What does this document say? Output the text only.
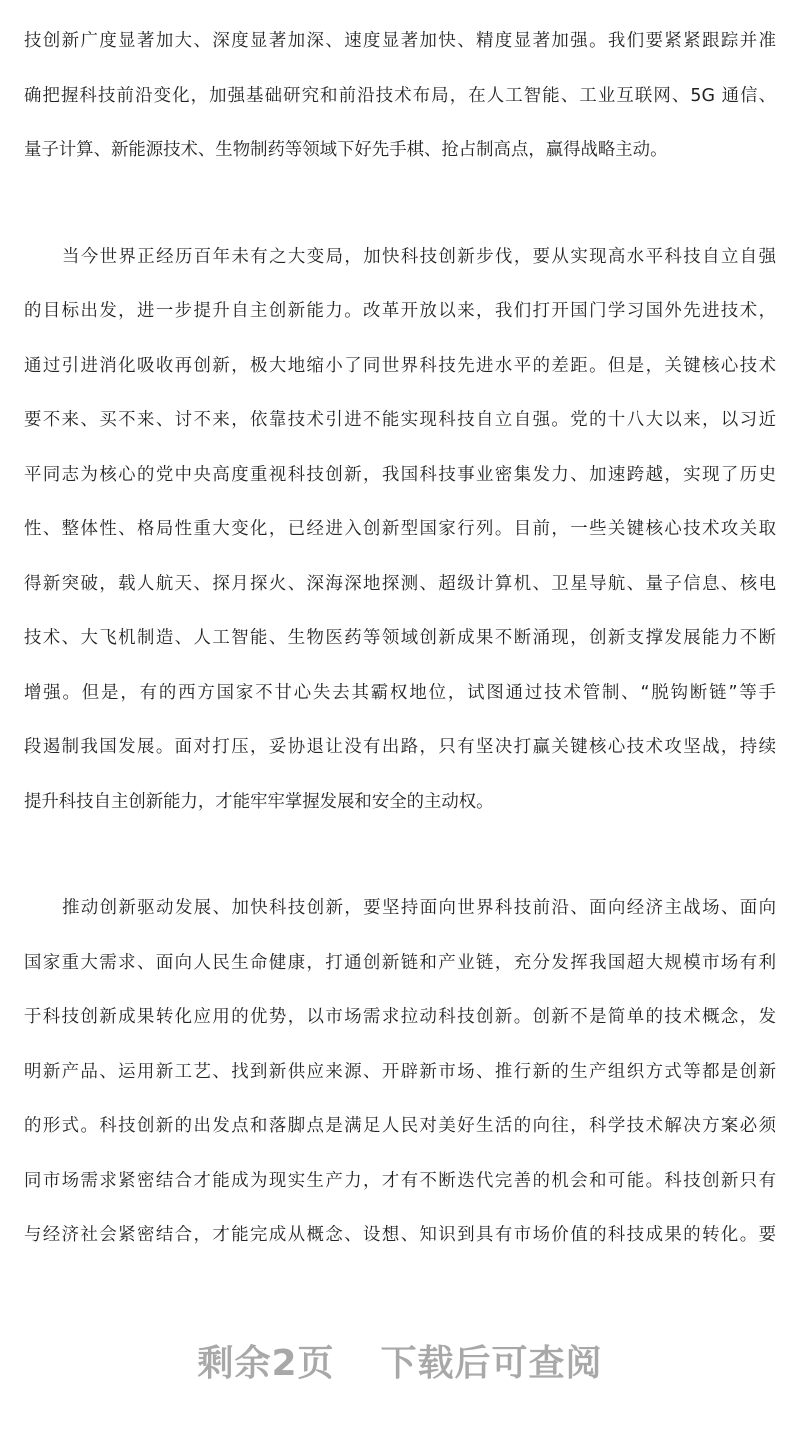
技创新广度显著加大、深度显著加深、速度显著加快、精度显著加强。我们要紧紧跟踪并准
确把握科技前沿变化，加强基础研究和前沿技术布局，在人工智能、工业互联网、5G 通信、
量子计算、新能源技术、生物制药等领域下好先手棋、抢占制高点，赢得战略主动。
当今世界正经历百年未有之大变局，加快科技创新步伐，要从实现高水平科技自立自强
的目标出发，进一步提升自主创新能力。改革开放以来，我们打开国门学习国外先进技术，
通过引进消化吸收再创新，极大地缩小了同世界科技先进水平的差距。但是，关键核心技术
要不来、买不来、讨不来，依靠技术引进不能实现科技自立自强。党的十八大以来，以习近
平同志为核心的党中央高度重视科技创新，我国科技事业密集发力、加速跨越，实现了历史
性、整体性、格局性重大变化，已经进入创新型国家行列。目前，一些关键核心技术攻关取
得新突破，载人航天、探月探火、深海深地探测、超级计算机、卫星导航、量子信息、核电
技术、大飞机制造、人工智能、生物医药等领域创新成果不断涌现，创新支撑发展能力不断
增强。但是，有的西方国家不甘心失去其霸权地位，试图通过技术管制、“脱钩断链”等手
段遏制我国发展。面对打压，妥协退让没有出路，只有坚决打赢关键核心技术攻坚战，持续
提升科技自主创新能力，才能牢牢掌握发展和安全的主动权。
推动创新驱动发展、加快科技创新，要坚持面向世界科技前沿、面向经济主战场、面向
国家重大需求、面向人民生命健康，打通创新链和产业链，充分发挥我国超大规模市场有利
于科技创新成果转化应用的优势，以市场需求拉动科技创新。创新不是简单的技术概念，发
明新产品、运用新工艺、找到新供应来源、开辟新市场、推行新的生产组织方式等都是创新
的形式。科技创新的出发点和落脚点是满足人民对美好生活的向往，科学技术解决方案必须
同市场需求紧密结合才能成为现实生产力，才有不断迭代完善的机会和可能。科技创新只有
与经济社会紧密结合，才能完成从概念、设想、知识到具有市场价值的科技成果的转化。要
剩余2页 下载后可查阅
